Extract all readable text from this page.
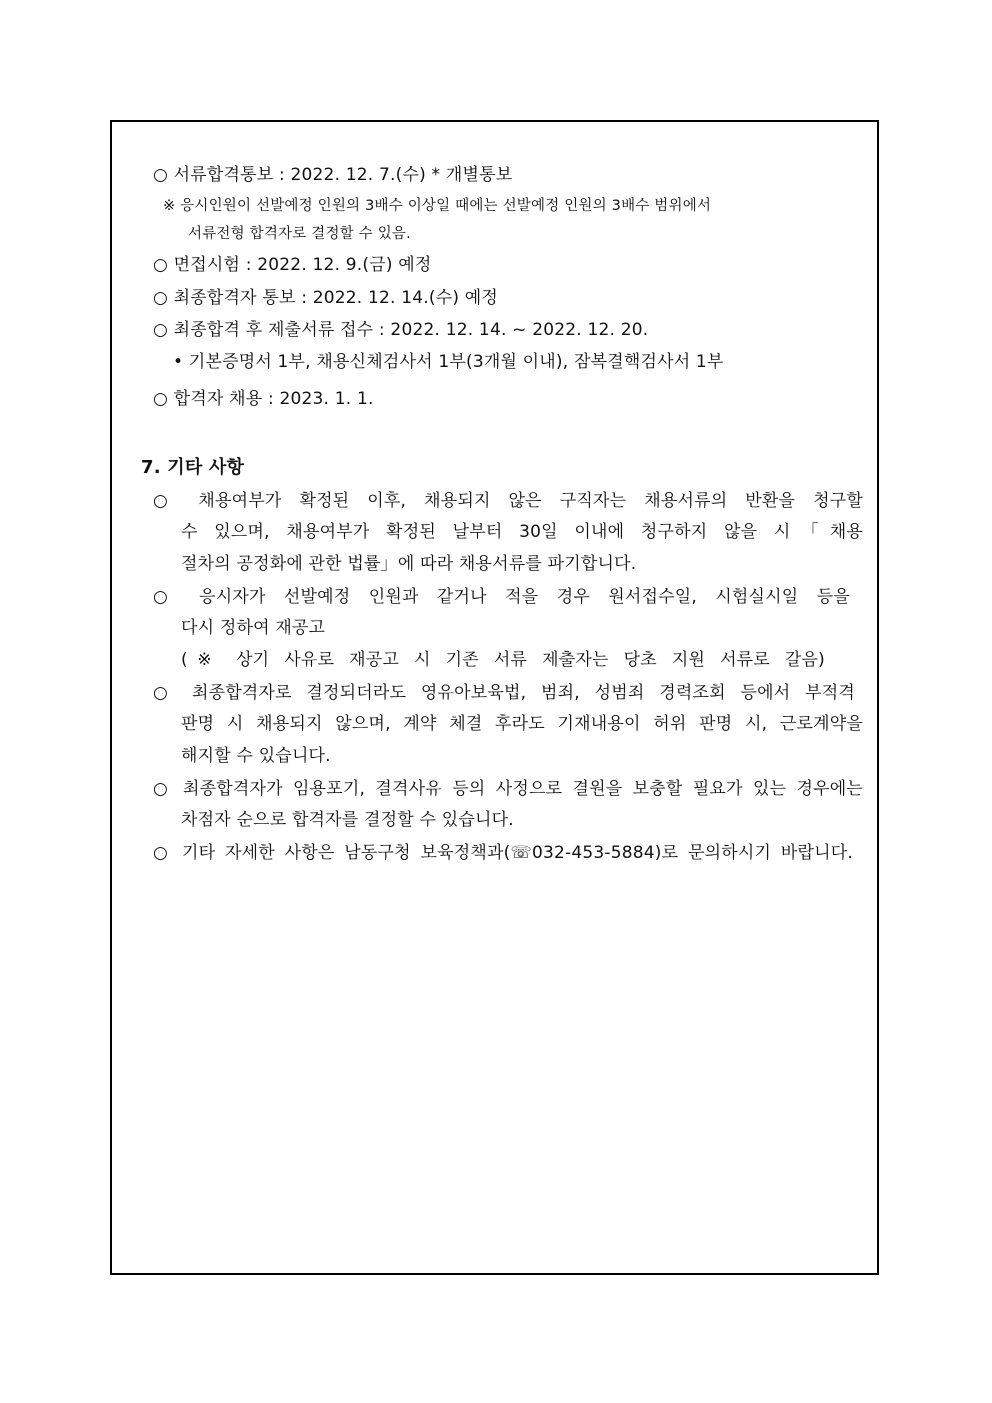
○ 서류합격통보 : 2022. 12. 7.(수) * 개별통보
※ 응시인원이 선발예정 인원의 3배수 이상일 때에는 선발예정 인원의 3배수 범위에서
서류전형 합격자로 결정할 수 있음.
○ 면접시험 : 2022. 12. 9.(금) 예정
○ 최종합격자 통보 : 2022. 12. 14.(수) 예정
○ 최종합격 후 제출서류 접수 : 2022. 12. 14. ~ 2022. 12. 20.
• 기본증명서 1부, 채용신체검사서 1부(3개월 이내), 잠복결핵검사서 1부
○ 합격자 채용 : 2023. 1. 1.
7. 기타 사항
○ 채용여부가 확정된 이후, 채용되지 않은 구직자는 채용서류의 반환을 청구할
수 있으며, 채용여부가 확정된 날부터 30일 이내에 청구하지 않을 시「채용
절차의 공정화에 관한 법률」에 따라 채용서류를 파기합니다.
○ 응시자가 선발예정 인원과 같거나 적을 경우 원서접수일, 시험실시일 등을
다시 정하여 재공고
(※ 상기 사유로 재공고 시 기존 서류 제출자는 당초 지원 서류로 갈음)
○ 최종합격자로 결정되더라도 영유아보육법, 범죄, 성범죄 경력조회 등에서 부적격
판명 시 채용되지 않으며, 계약 체결 후라도 기재내용이 허위 판명 시, 근로계약을
해지할 수 있습니다.
○ 최종합격자가 임용포기, 결격사유 등의 사정으로 결원을 보충할 필요가 있는 경우에는
차점자 순으로 합격자를 결정할 수 있습니다.
○ 기타 자세한 사항은 남동구청 보육정책과(☏032-453-5884)로 문의하시기 바랍니다.
